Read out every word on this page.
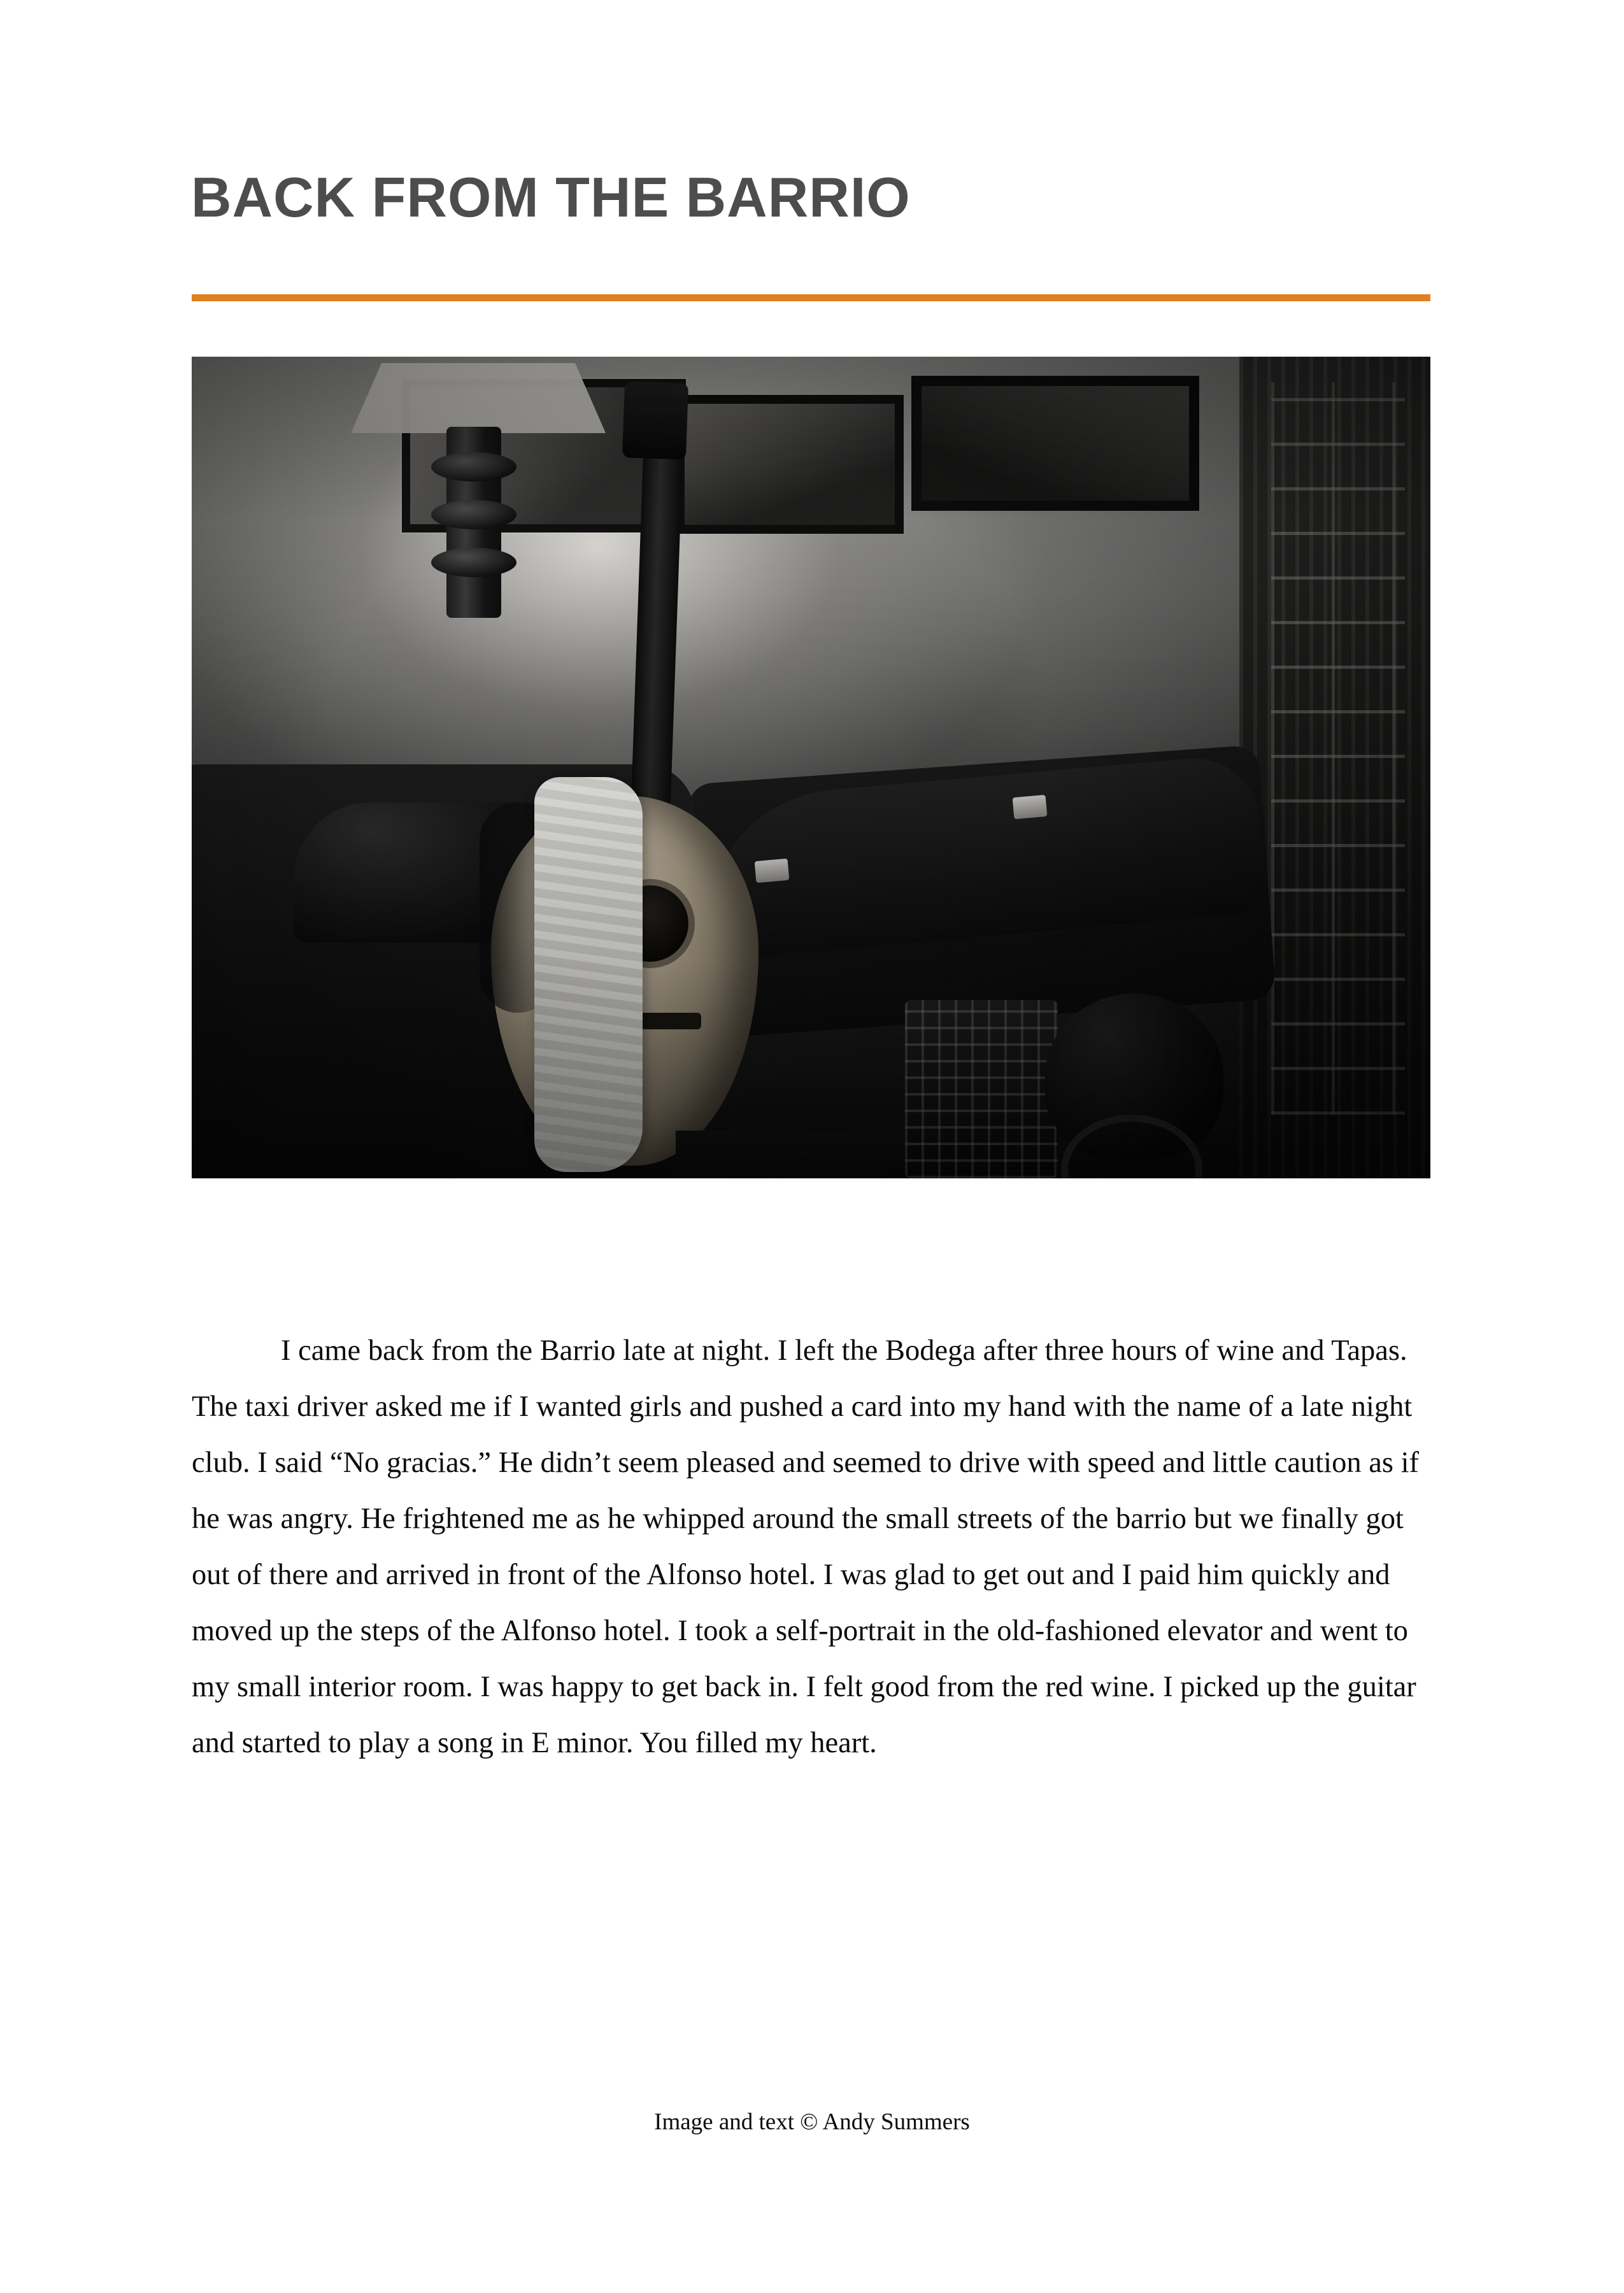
BACK FROM THE BARRIO

I came back from the Barrio late at night. I left the Bodega after three hours of wine and Tapas. The taxi driver asked me if I wanted girls and pushed a card into my hand with the name of a late night club. I said “No gracias.” He didn’t seem pleased and seemed to drive with speed and little caution as if he was angry. He frightened me as he whipped around the small streets of the barrio but we finally got out of there and arrived in front of the Alfonso hotel. I was glad to get out and I paid him quickly and moved up the steps of the Alfonso hotel. I took a self-portrait in the old-fashioned elevator and went to my small interior room. I was happy to get back in. I felt good from the red wine. I picked up the guitar and started to play a song in E minor. You filled my heart.

Image and text © Andy Summers
